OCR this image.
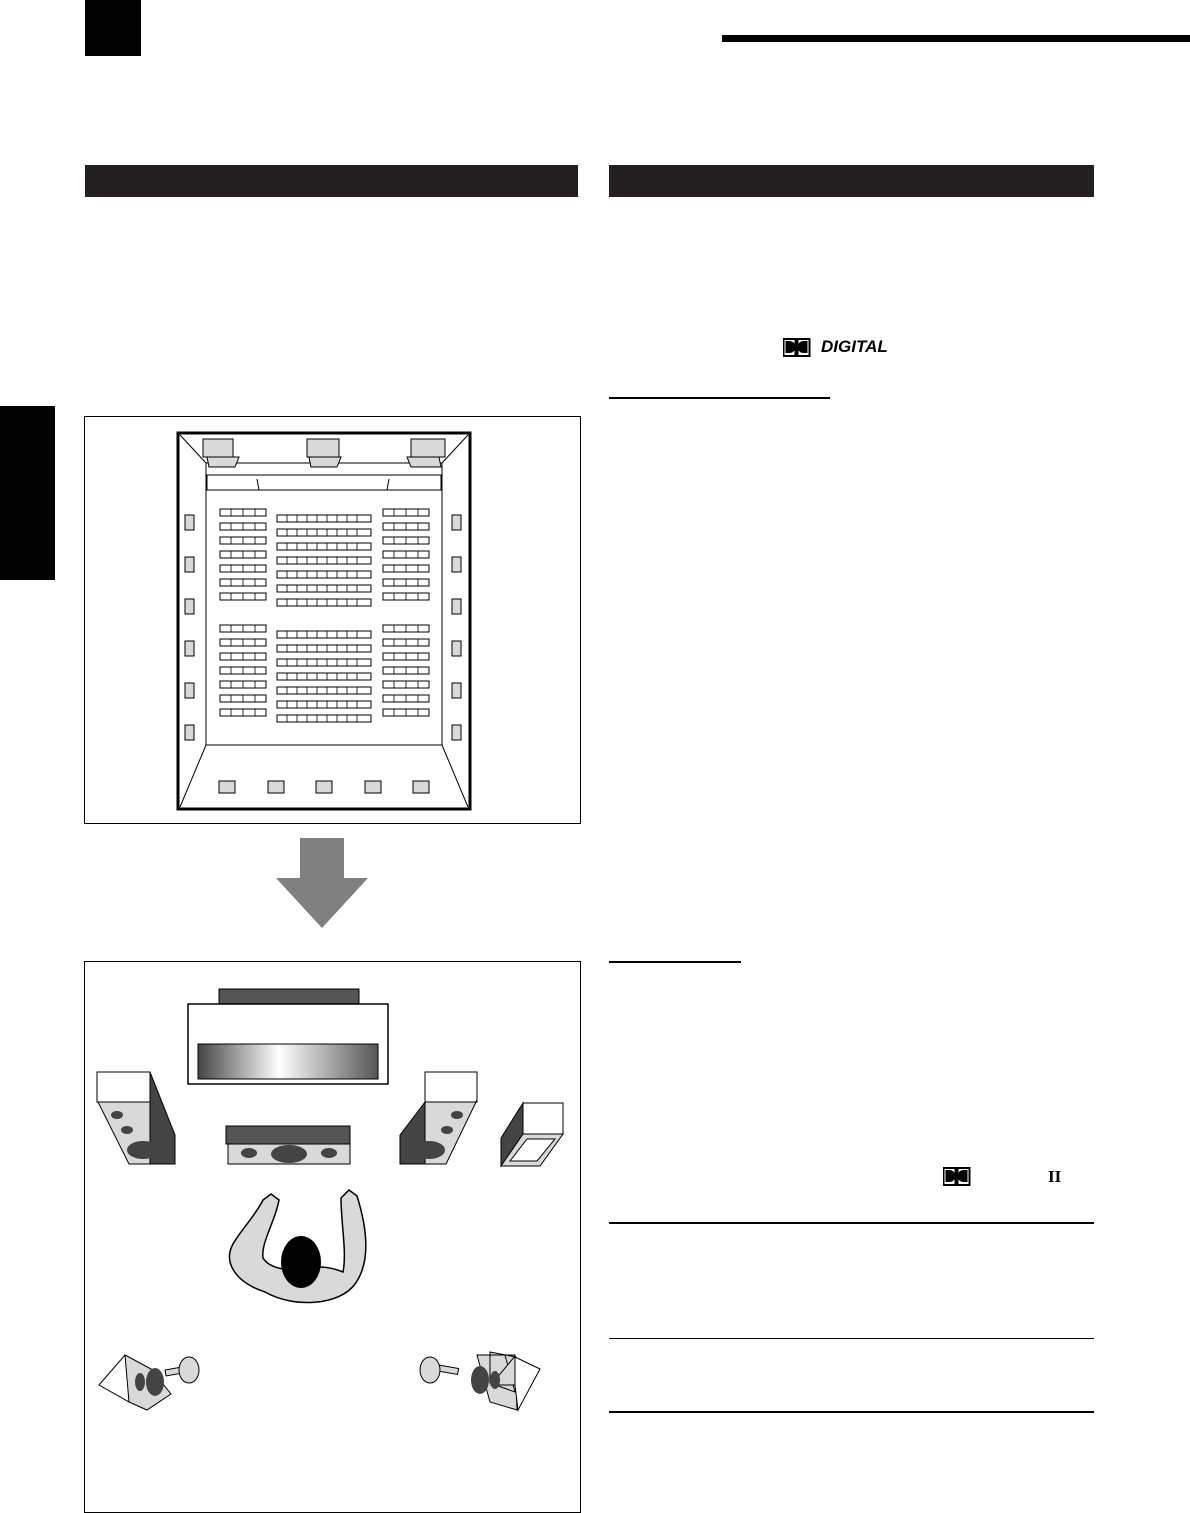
DIGITAL
II
